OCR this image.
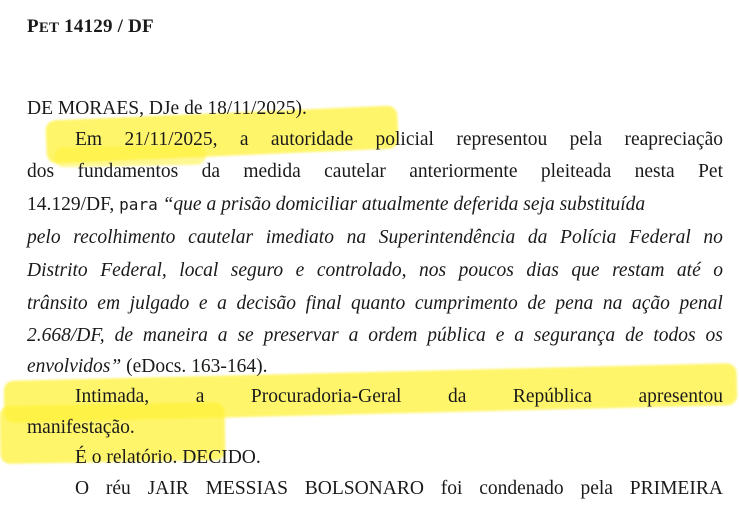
PET 14129 / DF
DE MORAES, DJe de 18/11/2025).
Em 21/11/2025, a autoridade policial representou pela reapreciação
dos fundamentos da medida cautelar anteriormente pleiteada nesta Pet
14.129/DF, para “que a prisão domiciliar atualmente deferida seja substituída
pelo recolhimento cautelar imediato na Superintendência da Polícia Federal no
Distrito Federal, local seguro e controlado, nos poucos dias que restam até o
trânsito em julgado e a decisão final quanto cumprimento de pena na ação penal
2.668/DF, de maneira a se preservar a ordem pública e a segurança de todos os
envolvidos” (eDocs. 163-164).
Intimada, a Procuradoria-Geral da República apresentou
manifestação.
É o relatório. DECIDO.
O réu JAIR MESSIAS BOLSONARO foi condenado pela PRIMEIRA
